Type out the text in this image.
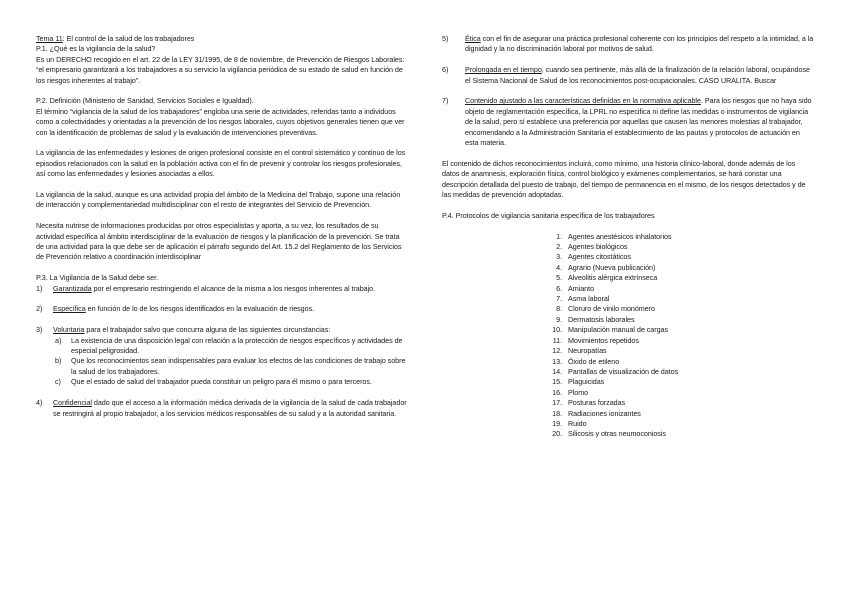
Tema 11: El control de la salud de los trabajadores

P.1. ¿Qué es la vigilancia de la salud?

Es un DERECHO recogido en el art. 22 de la LEY 31/1995, de 8 de noviembre, de Prevención de Riesgos Laborales:

“el empresario garantizará a los trabajadores a su servicio la vigilancia periódica de su estado de salud en función de los riesgos inherentes al trabajo”.

P.2. Definición (Ministerio de Sanidad, Servicios Sociales e Igualdad).

El término “vigilancia de la salud de los trabajadores” engloba una serie de actividades, referidas tanto a individuos como a colectividades y orientadas a la prevención de los riesgos laborales, cuyos objetivos generales tienen que ver con la identificación de problemas de salud y la evaluación de intervenciones preventivas.

La vigilancia de las enfermedades y lesiones de origen profesional consiste en el control sistemático y continuo de los episodios relacionados con la salud en la población activa con el fin de prevenir y controlar los riesgos profesionales, así como las enfermedades y lesiones asociadas a ellos.

La vigilancia de la salud, aunque es una actividad propia del ámbito de la Medicina del Trabajo, supone una relación de interacción y complementariedad multidisciplinar con el resto de integrantes del Servicio de Prevención.

Necesita nutrirse de informaciones producidas por otros especialistas y aporta, a su vez, los resultados de su actividad específica al ámbito interdisciplinar de la evaluación de riesgos y la planificación de la prevención. Se trata de una actividad para la que debe ser de aplicación el párrafo segundo del Art. 15.2 del Reglamento de los Servicios de Prevención relativo a coordinación interdisciplinar

P.3. La Vigilancia de la Salud debe ser.

1) Garantizada por el empresario restringiendo el alcance de la misma a los riesgos inherentes al trabajo.
2) Específica en función de lo de los riesgos identificados en la evaluación de riesgos.
3) Voluntaria para el trabajador salvo que concurra alguna de las siguientes circunstancias:
a) La existencia de una disposición legal con relación a la protección de riesgos específicos y actividades de especial peligrosidad.
b) Que los reconocimientos sean indispensables para evaluar los efectos de las condiciones de trabajo sobre la salud de los trabajadores.
c) Que el estado de salud del trabajador pueda constituir un peligro para él mismo o para terceros.
4) Confidencial dado que el acceso a la información médica derivada de la vigilancia de la salud de cada trabajador se restringirá al propio trabajador, a los servicios médicos responsables de su salud y a la autoridad sanitaria.
5) Ética con el fin de asegurar una práctica profesional coherente con los principios del respeto a la intimidad, a la dignidad y la no discriminación laboral por motivos de salud.
6) Prolongada en el tiempo, cuando sea pertinente, más allá de la finalización de la relación laboral, ocupándose el Sistema Nacional de Salud de los reconocimientos post-ocupacionales. CASO URALITA. Buscar
7) Contenido ajustado a las características definidas en la normativa aplicable. Para los riesgos que no haya sido objeto de reglamentación específica, la LPRL no especifica ni define las medidas o instrumentos de vigilancia de la salud, pero sí establece una preferencia por aquellas que causen las menores molestias al trabajador, encomendando a la Administración Sanitaria el establecimiento de las pautas y protocolos de actuación en esta materia.

El contenido de dichos reconocimientos incluirá, como mínimo, una historia clínico-laboral, donde además de los datos de anamnesis, exploración física, control biológico y exámenes complementarios, se hará constar una descripción detallada del puesto de trabajo, del tiempo de permanencia en el mismo, de los riesgos detectados y de las medidas de prevención adoptadas.

P.4. Protocolos de vigilancia sanitaria específica de los trabajadores

1. Agentes anestésicos inhalatorios
2. Agentes biológicos
3. Agentes citostáticos
4. Agrario (Nueva publicación)
5. Alveolitis alérgica extrínseca
6. Amianto
7. Asma laboral
8. Cloruro de vinilo monómero
9. Dermatosis laborales
10. Manipulación manual de cargas
11. Movimientos repetidos
12. Neuropatías
13. Óxido de etileno
14. Pantallas de visualización de datos
15. Plaguicidas
16. Plomo
17. Posturas forzadas
18. Radiaciones ionizantes
19. Ruido
20. Silicosis y otras neumoconiosis
